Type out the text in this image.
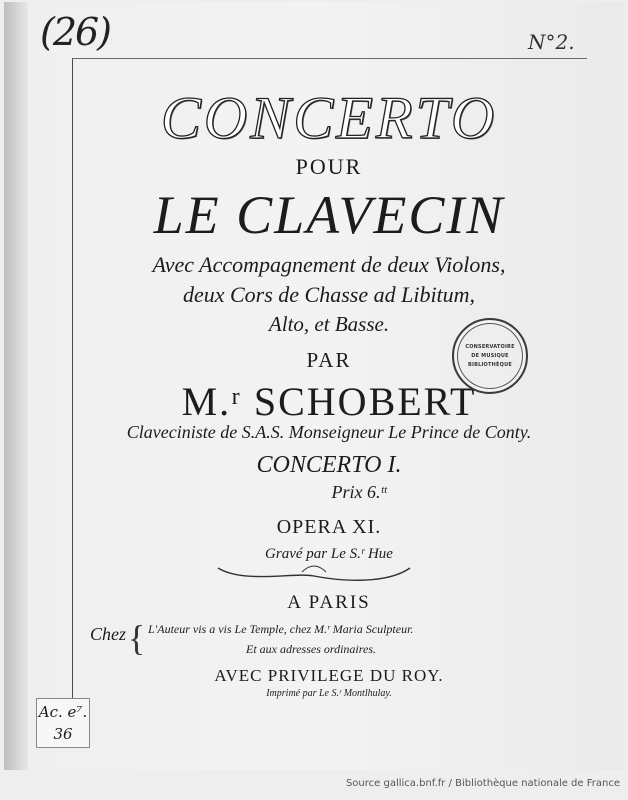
(26)	N°2.
CONCERTO
POUR
LE CLAVECIN
Avec Accompagnement de deux Violons,
deux Cors de Chasse ad Libitum,
Alto, et Basse.
PAR
M.ʳ SCHOBERT
Claveciniste de S.A.S. Monseigneur Le Prince de Conty.
CONCERTO I.
Prix 6.ᵗᵗ
OPERA XI.
Gravé par Le S.ʳ Hue
A PARIS
Chez { L'Auteur vis a vis Le Temple, chez M.ʳ Maria Sculpteur.
Et aux adresses ordinaires.
AVEC PRIVILEGE DU ROY.
Imprimé par Le S.ʳ Montlhulay.
CONSERVATOIRE
DE MUSIQUE
BIBLIOTHÈQUE
Ac. e⁷.
36
Source gallica.bnf.fr / Bibliothèque nationale de France
